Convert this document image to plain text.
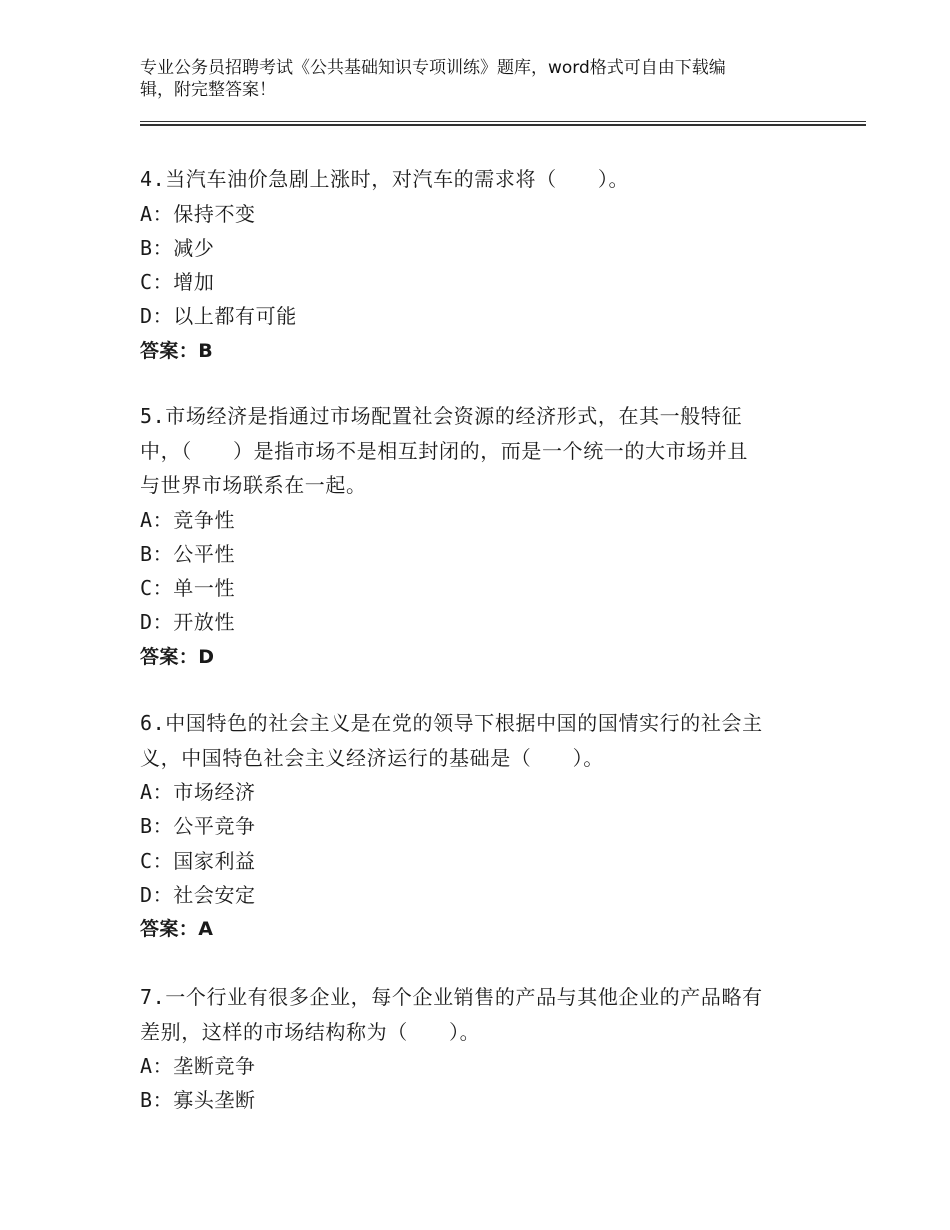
专业公务员招聘考试《公共基础知识专项训练》题库，word格式可自由下载编
辑，附完整答案！

4.当汽车油价急剧上涨时，对汽车的需求将（　　）。

A：保持不变

B：减少

C：增加

D：以上都有可能

答案：B

5.市场经济是指通过市场配置社会资源的经济形式，在其一般特征

中，（　　）是指市场不是相互封闭的，而是一个统一的大市场并且

与世界市场联系在一起。

A：竞争性

B：公平性

C：单一性

D：开放性

答案：D

6.中国特色的社会主义是在党的领导下根据中国的国情实行的社会主

义，中国特色社会主义经济运行的基础是（　　）。

A：市场经济

B：公平竞争

C：国家利益

D：社会安定

答案：A

7.一个行业有很多企业，每个企业销售的产品与其他企业的产品略有

差别，这样的市场结构称为（　　）。

A：垄断竞争

B：寡头垄断
